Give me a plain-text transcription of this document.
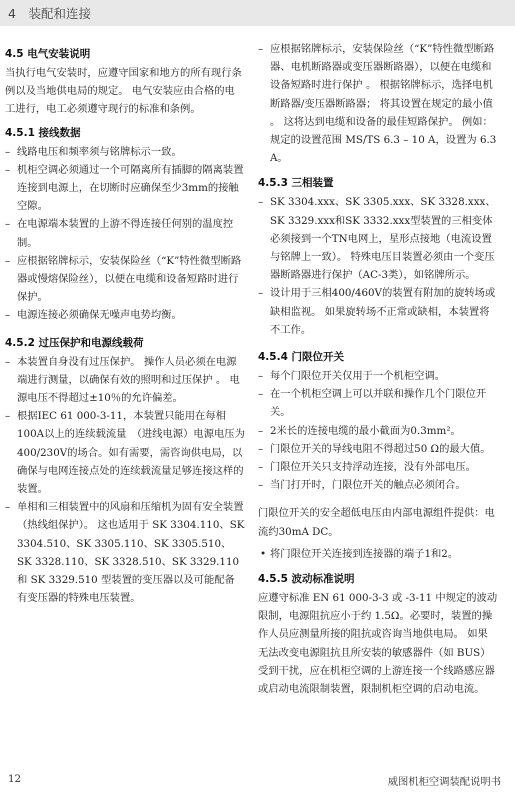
4　装配和连接
4.5 电气安装说明

当执行电气安装时，应遵守国家和地方的所有现行条例以及当地供电局的规定。 电气安装应由合格的电工进行，电工必须遵守现行的标准和条例。

4.5.1 接线数据
– 线路电压和频率须与铭牌标示一致。
– 机柜空调必须通过一个可隔离所有插脚的隔离装置连接到电源上，在切断时应确保至少3mm的接触空隙。
– 在电源端本装置的上游不得连接任何别的温度控制。
– 应根据铭牌标示，安装保险丝（“K”特性微型断路器或慢熔保险丝），以便在电缆和设备短路时进行保护。
– 电源连接必须确保无噪声电势均衡。
4.5.2 过压保护和电源线载荷
– 本装置自身没有过压保护。 操作人员必须在电源端进行测量，以确保有效的照明和过压保护 。 电源电压不得超过±10％的允许偏差。
– 根据IEC 61 000-3-11，本装置只能用在每相100A以上的连续载流量　（进线电源）电源电压为400/230V的场合。如有需要，需咨询供电局，以确保与电网连接点处的连续载流量足够连接这样的装置。
– 单相和三相装置中的风扇和压缩机为固有安全装置（热线组保护）。 这也适用于 SK 3304.110、SK 3304.510、SK 3305.110、SK 3305.510、SK 3328.110、SK 3328.510、SK 3329.110 和 SK 3329.510 型装置的变压器以及可能配备有变压器的特殊电压装置。
– 应根据铭牌标示，安装保险丝（“K”特性微型断路器、电机断路器或变压器断路器），以便在电缆和设备短路时进行保护 。 根据铭牌标示，选择电机断路器/变压器断路器； 将其设置在规定的最小值 。 这将达到电缆和设备的最佳短路保护。 例如：规定的设置范围 MS/TS 6.3 – 10 A，设置为 6.3 A。
4.5.3 三相装置
– SK 3304.xxx、SK 3305.xxx、SK 3328.xxx、SK 3329.xxx和SK 3332.xxx型装置的三相变体必须接到一个TN电网上，星形点接地（电流设置与铭牌上一致）。 特殊电压目装置必须由一个变压器断路器进行保护（AC-3类），如铭牌所示。
– 设计用于三相400/460V的装置有附加的旋转场或缺相监视。 如果旋转场不正常或缺相，本装置将不工作。
4.5.4 门限位开关
– 每个门限位开关仅用于一个机柜空调。
– 在一个机柜空调上可以并联和操作几个门限位开关。
– 2米长的连接电缆的最小截面为0.3mm²。
– 门限位开关的导线电阻不得超过50 Ω的最大值。
– 门限位开关只支持浮动连接，没有外部电压。
– 当门打开时，门限位开关的触点必须闭合。

门限位开关的安全超低电压由内部电源组件提供：电流约30mA DC。

• 将门限位开关连接到连接器的端子1和2。
4.5.5 波动标准说明

应遵守标准 EN 61 000-3-3 或 -3-11 中规定的波动限制，电源阻抗应小于约 1.5Ω。必要时，装置的操作人员应测量所接的阻抗或咨询当地供电局。 如果无法改变电源阻抗且所安装的敏感器件（如 BUS）受到干扰，应在机柜空调的上游连接一个线路感应器或启动电流限制装置，限制机柜空调的启动电流。

12	威图机柜空调装配说明书
